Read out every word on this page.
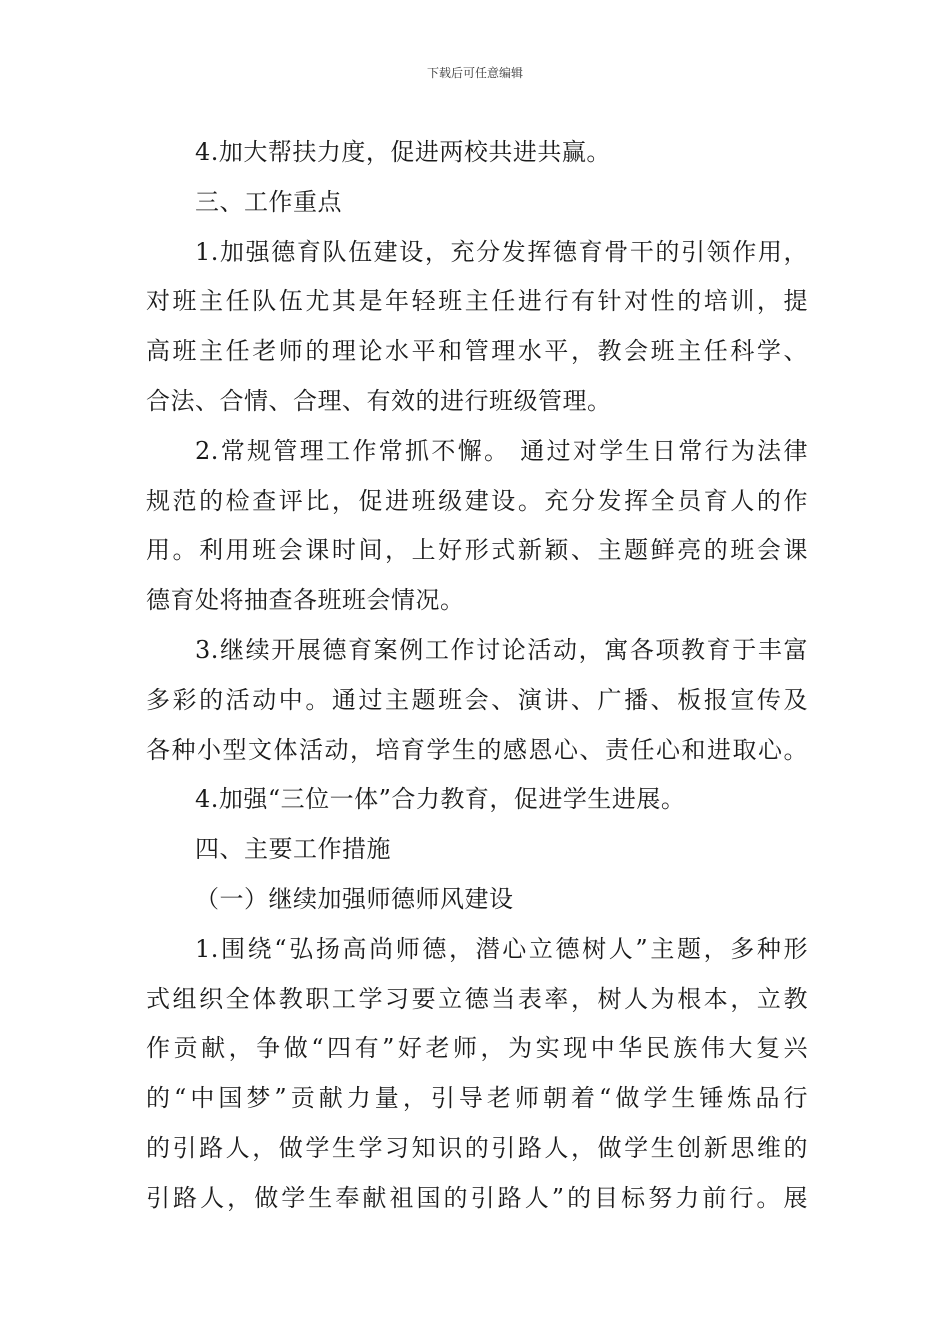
下载后可任意编辑
4.加大帮扶力度，促进两校共进共赢。
三、工作重点
1.加强德育队伍建设，充分发挥德育骨干的引领作用，
对班主任队伍尤其是年轻班主任进行有针对性的培训，提
高班主任老师的理论水平和管理水平，教会班主任科学、
合法、合情、合理、有效的进行班级管理。
2.常规管理工作常抓不懈。 通过对学生日常行为法律
规范的检查评比，促进班级建设。充分发挥全员育人的作
用。利用班会课时间，上好形式新颖、主题鲜亮的班会课
德育处将抽查各班班会情况。
3.继续开展德育案例工作讨论活动，寓各项教育于丰富
多彩的活动中。通过主题班会、演讲、广播、板报宣传及
各种小型文体活动，培育学生的感恩心、责任心和进取心。
4.加强“三位一体”合力教育，促进学生进展。
四、主要工作措施
（一）继续加强师德师风建设
1.围绕“弘扬高尚师德，潜心立德树人”主题，多种形
式组织全体教职工学习要立德当表率，树人为根本，立教
作贡献，争做“四有”好老师，为实现中华民族伟大复兴
的“中国梦”贡献力量，引导老师朝着“做学生锤炼品行
的引路人，做学生学习知识的引路人，做学生创新思维的
引路人，做学生奉献祖国的引路人”的目标努力前行。展
